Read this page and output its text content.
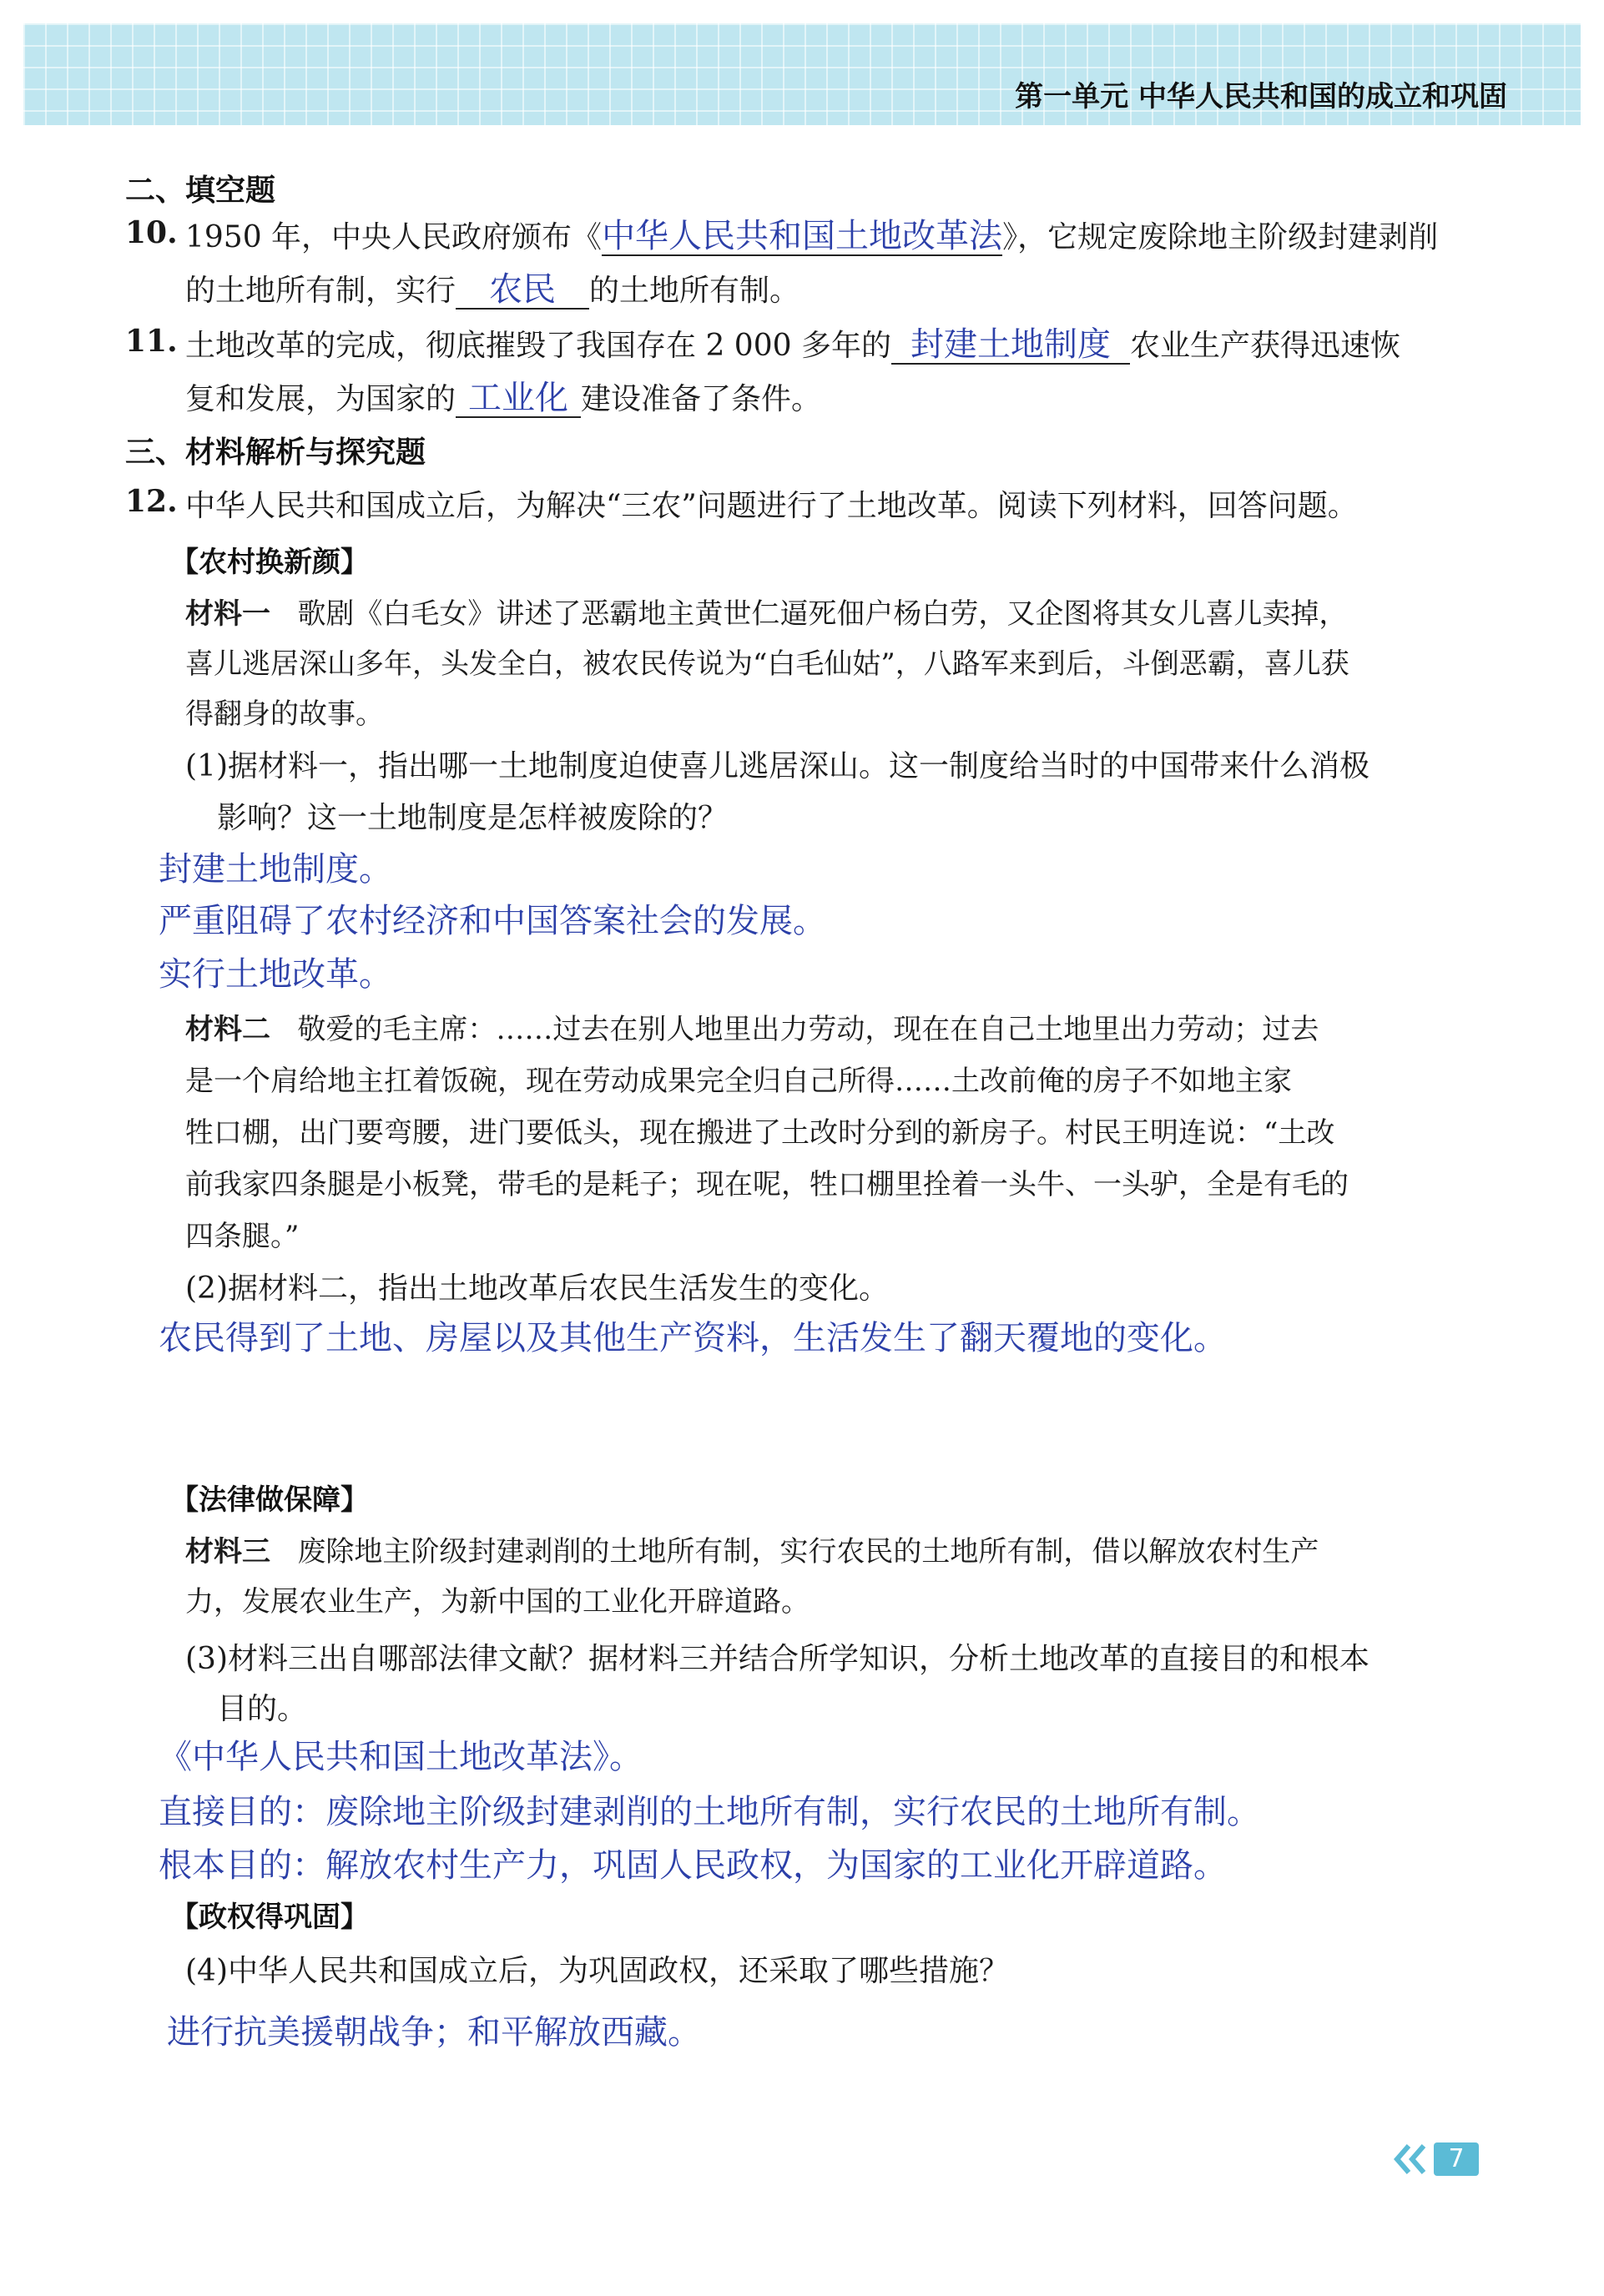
第一单元 中华人民共和国的成立和巩固
二、填空题
10. 1950 年，中央人民政府颁布《中华人民共和国土地改革法》，它规定废除地主阶级封建剥削
的土地所有制，实行 农民 的土地所有制。
11. 土地改革的完成，彻底摧毁了我国存在 2 000 多年的 封建土地制度 农业生产获得迅速恢
复和发展，为国家的 工业化 建设准备了条件。
三、材料解析与探究题
12. 中华人民共和国成立后，为解决“三农”问题进行了土地改革。阅读下列材料，回答问题。
【农村换新颜】
材料一 歌剧《白毛女》讲述了恶霸地主黄世仁逼死佃户杨白劳，又企图将其女儿喜儿卖掉，
喜儿逃居深山多年，头发全白，被农民传说为“白毛仙姑”，八路军来到后，斗倒恶霸，喜儿获
得翻身的故事。
(1)据材料一，指出哪一土地制度迫使喜儿逃居深山。这一制度给当时的中国带来什么消极
影响？这一土地制度是怎样被废除的？
封建土地制度。
严重阻碍了农村经济和中国答案社会的发展。
实行土地改革。
材料二 敬爱的毛主席：……过去在别人地里出力劳动，现在在自己土地里出力劳动；过去
是一个肩给地主扛着饭碗，现在劳动成果完全归自己所得……土改前俺的房子不如地主家
牲口棚，出门要弯腰，进门要低头，现在搬进了土改时分到的新房子。村民王明连说：“土改
前我家四条腿是小板凳，带毛的是耗子；现在呢，牲口棚里拴着一头牛、一头驴，全是有毛的
四条腿。”
(2)据材料二，指出土地改革后农民生活发生的变化。
农民得到了土地、房屋以及其他生产资料，生活发生了翻天覆地的变化。
【法律做保障】
材料三 废除地主阶级封建剥削的土地所有制，实行农民的土地所有制，借以解放农村生产
力，发展农业生产，为新中国的工业化开辟道路。
(3)材料三出自哪部法律文献？据材料三并结合所学知识，分析土地改革的直接目的和根本
目的。
《中华人民共和国土地改革法》。
直接目的：废除地主阶级封建剥削的土地所有制，实行农民的土地所有制。
根本目的：解放农村生产力，巩固人民政权，为国家的工业化开辟道路。
【政权得巩固】
(4)中华人民共和国成立后，为巩固政权，还采取了哪些措施？
进行抗美援朝战争；和平解放西藏。
7
